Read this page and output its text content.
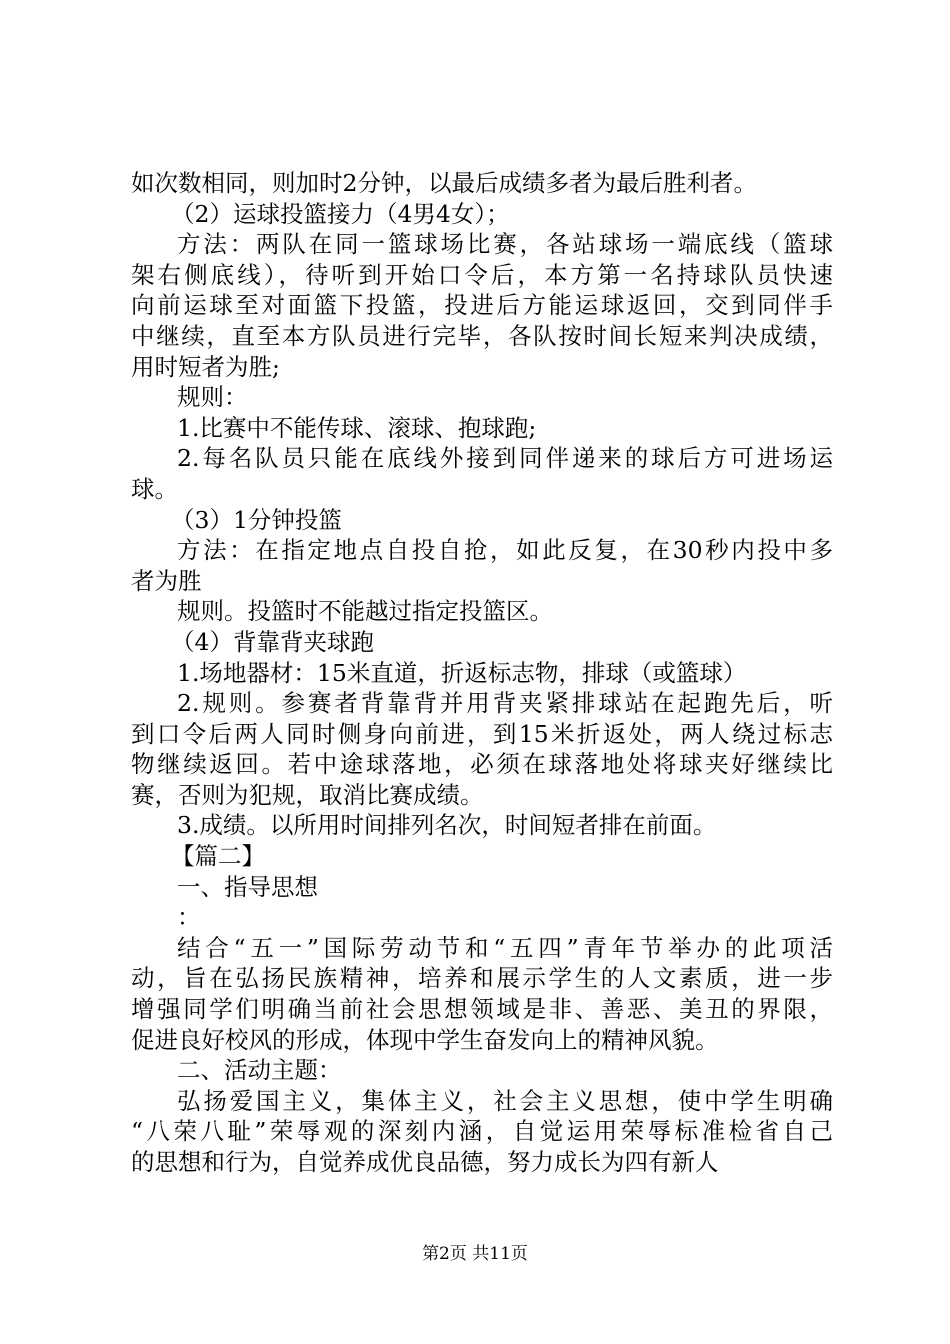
如次数相同，则加时2分钟，以最后成绩多者为最后胜利者。
（2）运球投篮接力（4男4女）；
方法：两队在同一篮球场比赛，各站球场一端底线（篮球
架右侧底线），待听到开始口令后，本方第一名持球队员快速
向前运球至对面篮下投篮，投进后方能运球返回，交到同伴手
中继续，直至本方队员进行完毕，各队按时间长短来判决成绩，
用时短者为胜;
规则：
1.比赛中不能传球、滚球、抱球跑;
2.每名队员只能在底线外接到同伴递来的球后方可进场运
球。
（3）1分钟投篮
方法：在指定地点自投自抢，如此反复，在30秒内投中多
者为胜
规则。投篮时不能越过指定投篮区。
（4）背靠背夹球跑
1.场地器材：15米直道，折返标志物，排球（或篮球）
2.规则。参赛者背靠背并用背夹紧排球站在起跑先后，听
到口令后两人同时侧身向前进，到15米折返处，两人绕过标志
物继续返回。若中途球落地，必须在球落地处将球夹好继续比
赛，否则为犯规，取消比赛成绩。
3.成绩。以所用时间排列名次，时间短者排在前面。
【篇二】
一、指导思想
：
结合“五一”国际劳动节和“五四”青年节举办的此项活
动，旨在弘扬民族精神，培养和展示学生的人文素质，进一步
增强同学们明确当前社会思想领域是非、善恶、美丑的界限，
促进良好校风的形成，体现中学生奋发向上的精神风貌。
二、活动主题：
弘扬爱国主义，集体主义，社会主义思想，使中学生明确
“八荣八耻”荣辱观的深刻内涵，自觉运用荣辱标准检省自己
的思想和行为，自觉养成优良品德，努力成长为四有新人
第2页 共11页
